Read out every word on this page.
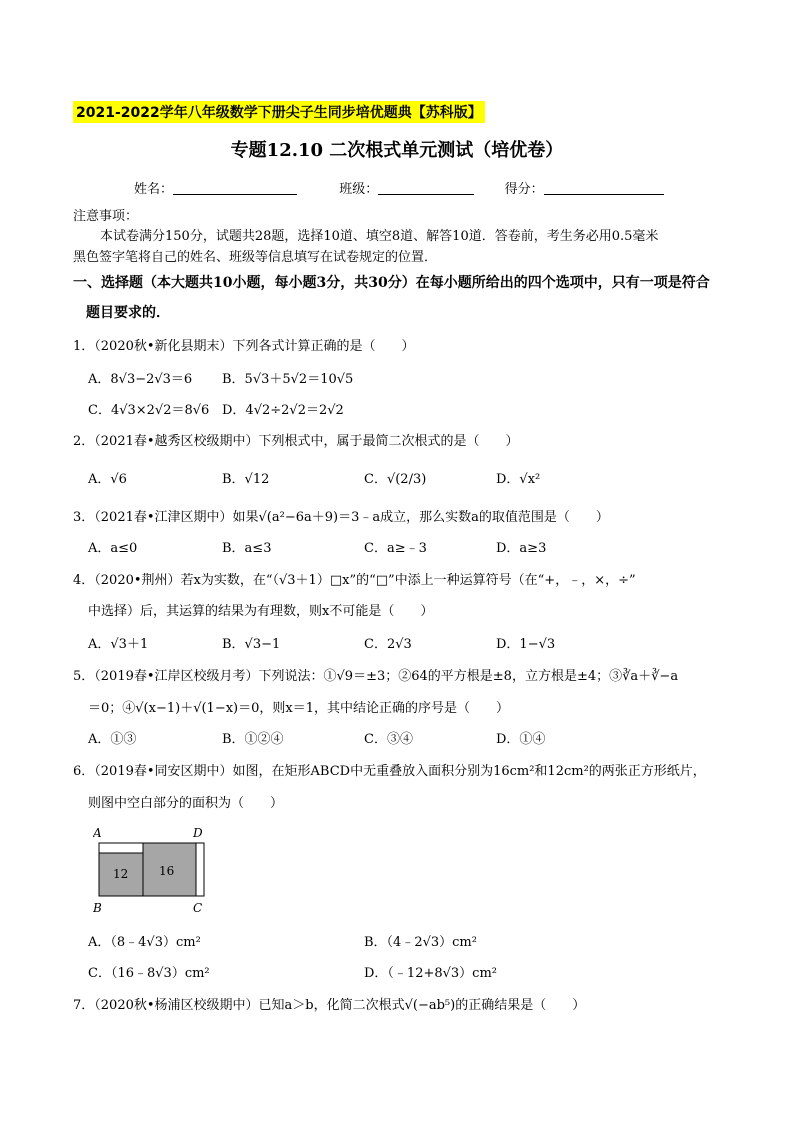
2021-2022学年八年级数学下册尖子生同步培优题典【苏科版】
专题12.10 二次根式单元测试（培优卷）
姓名：	班级：	得分：
注意事项：
本试卷满分150分，试题共28题，选择10道、填空8道、解答10道．答卷前，考生务必用0.5毫米
黑色签字笔将自己的姓名、班级等信息填写在试卷规定的位置．
一、选择题（本大题共10小题，每小题3分，共30分）在每小题所给出的四个选项中，只有一项是符合
题目要求的．
1．（2020秋•新化县期末）下列各式计算正确的是（　　）
A．8√3−2√3＝6 B．5√3＋5√2＝10√5
C．4√3×2√2＝8√6 D．4√2÷2√2＝2√2
2．（2021春•越秀区校级期中）下列根式中，属于最简二次根式的是（　　）
A．√6	B．√12	C．√(2/3)	D．√x²
3．（2021春•江津区期中）如果√(a²−6a＋9)＝3﹣a成立，那么实数a的取值范围是（　　）
A．a≤0	B．a≤3	C．a≥﹣3	D．a≥3
4．（2020•荆州）若x为实数，在“（√3＋1）□x”的“□”中添上一种运算符号（在“+，﹣，×，÷”
中选择）后，其运算的结果为有理数，则x不可能是（　　）
A．√3＋1	B．√3−1	C．2√3	D．1−√3
5．（2019春•江岸区校级月考）下列说法：①√9＝±3；②64的平方根是±8，立方根是±4；③∛a＋∛−a
＝0；④√(x−1)＋√(1−x)＝0，则x＝1，其中结论正确的序号是（　　）
A．①③	B．①②④	C．③④	D．①④
6．（2019春•同安区期中）如图，在矩形ABCD中无重叠放入面积分别为16cm²和12cm²的两张正方形纸片，
则图中空白部分的面积为（　　）
A	D
B	C
12	16
A．（8﹣4√3）cm²	B．（4﹣2√3）cm²
C．（16﹣8√3）cm²	D．（﹣12+8√3）cm²
7．（2020秋•杨浦区校级期中）已知a＞b，化简二次根式√(−ab⁵)的正确结果是（　　）
